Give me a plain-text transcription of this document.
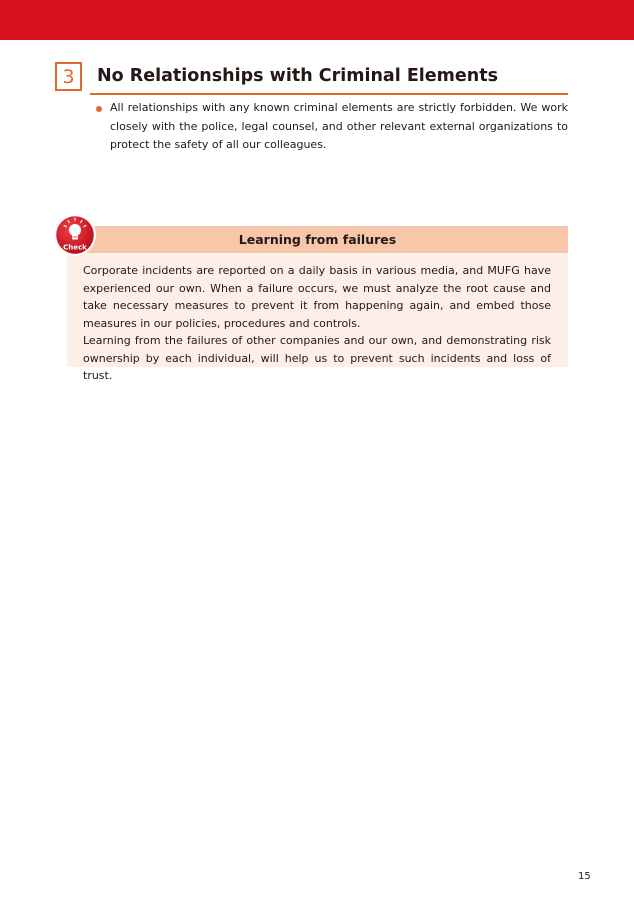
3	No Relationships with Criminal Elements

All relationships with any known criminal elements are strictly forbidden. We work closely with the police, legal counsel, and other relevant external organizations to protect the safety of all our colleagues.

Learning from failures
Check

Corporate incidents are reported on a daily basis in various media, and MUFG have experienced our own. When a failure occurs, we must analyze the root cause and take necessary measures to prevent it from happening again, and embed those measures in our policies, procedures and controls.

Learning from the failures of other companies and our own, and demonstrating risk ownership by each individual, will help us to prevent such incidents and loss of trust.

15
